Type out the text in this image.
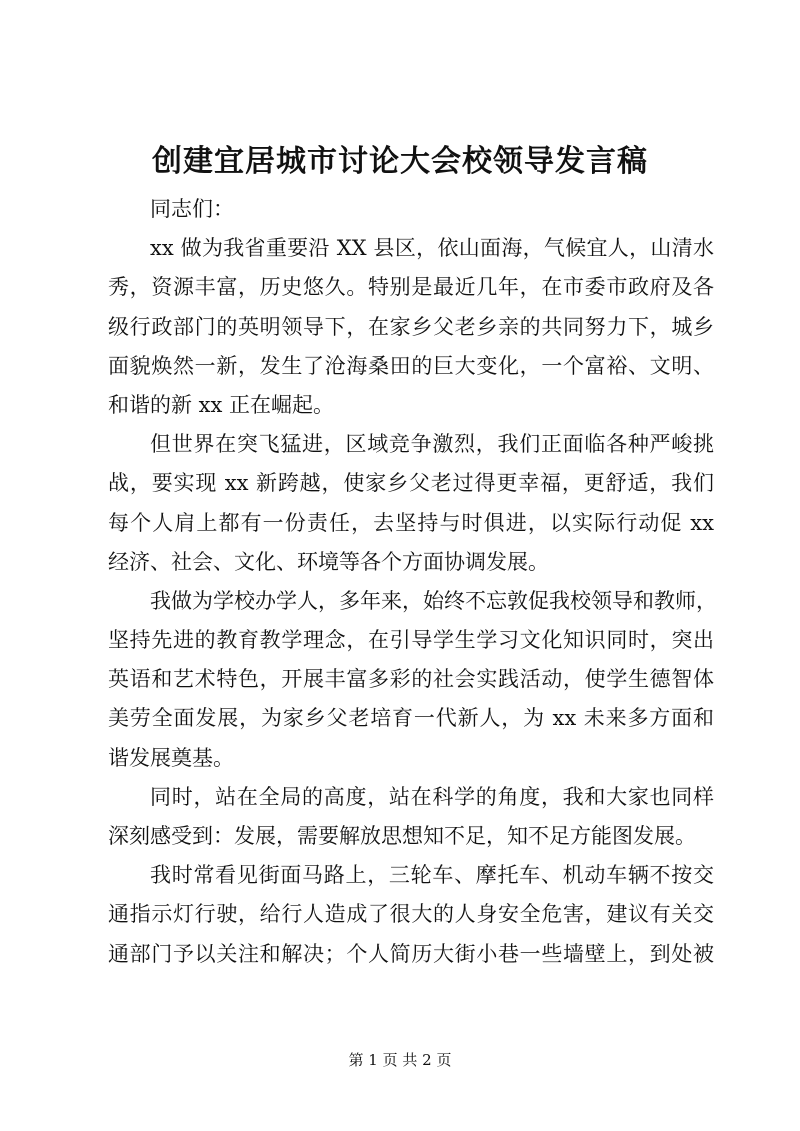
创建宜居城市讨论大会校领导发言稿
同志们：
xx 做为我省重要沿 XX 县区，依山面海，气候宜人，山清水
秀，资源丰富，历史悠久。特别是最近几年，在市委市政府及各
级行政部门的英明领导下，在家乡父老乡亲的共同努力下，城乡
面貌焕然一新，发生了沧海桑田的巨大变化，一个富裕、文明、
和谐的新 xx 正在崛起。
但世界在突飞猛进，区域竞争激烈，我们正面临各种严峻挑
战，要实现 xx 新跨越，使家乡父老过得更幸福，更舒适，我们
每个人肩上都有一份责任，去坚持与时俱进，以实际行动促 xx
经济、社会、文化、环境等各个方面协调发展。
我做为学校办学人，多年来，始终不忘敦促我校领导和教师，
坚持先进的教育教学理念，在引导学生学习文化知识同时，突出
英语和艺术特色，开展丰富多彩的社会实践活动，使学生德智体
美劳全面发展，为家乡父老培育一代新人，为 xx 未来多方面和
谐发展奠基。
同时，站在全局的高度，站在科学的角度，我和大家也同样
深刻感受到：发展，需要解放思想知不足，知不足方能图发展。
我时常看见街面马路上，三轮车、摩托车、机动车辆不按交
通指示灯行驶，给行人造成了很大的人身安全危害，建议有关交
通部门予以关注和解决；个人简历大街小巷一些墙壁上，到处被
第 1 页 共 2 页
